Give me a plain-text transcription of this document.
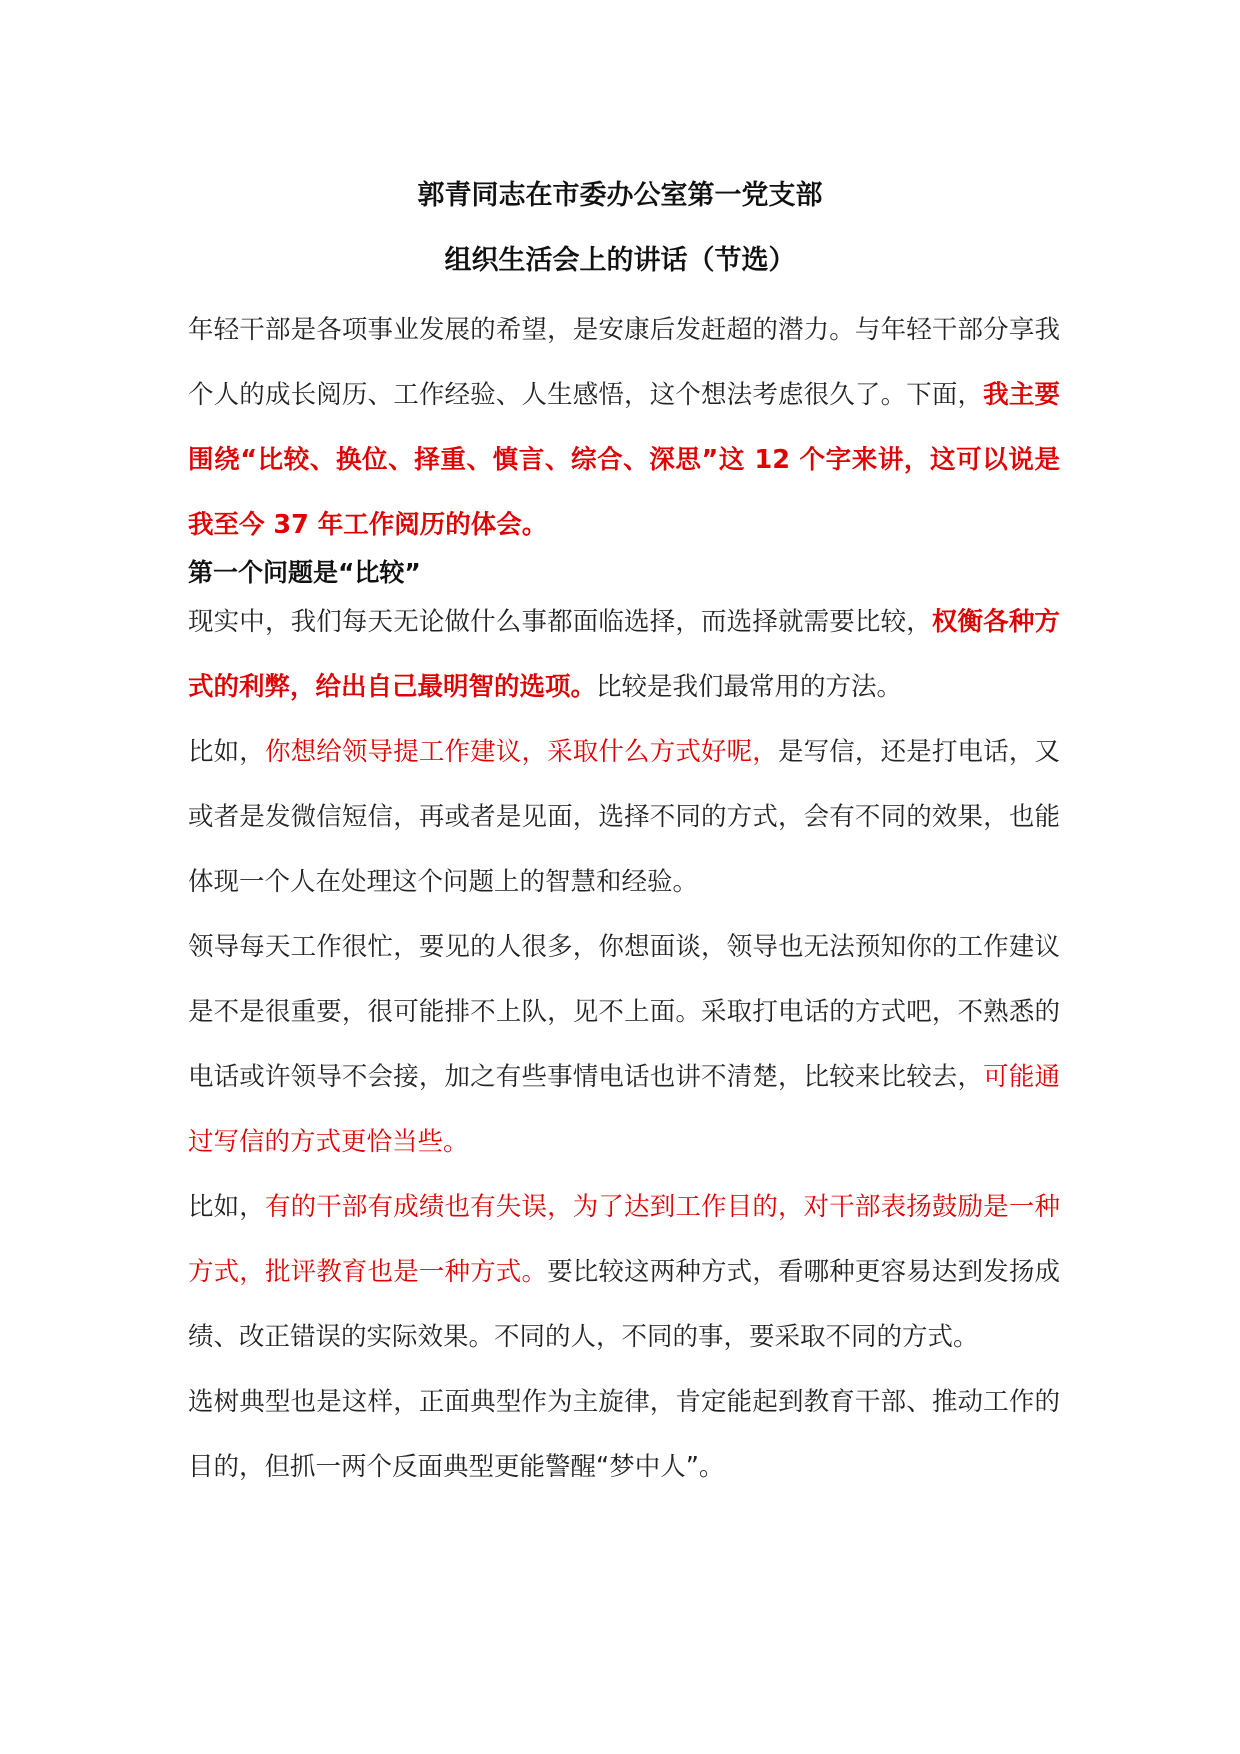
郭青同志在市委办公室第一党支部
组织生活会上的讲话（节选）

年轻干部是各项事业发展的希望，是安康后发赶超的潜力。与年轻干部分享我个人的成长阅历、工作经验、人生感悟，这个想法考虑很久了。下面，我主要围绕“比较、换位、择重、慎言、综合、深思”这 12 个字来讲，这可以说是我至今 37 年工作阅历的体会。

第一个问题是“比较”

现实中，我们每天无论做什么事都面临选择，而选择就需要比较，权衡各种方式的利弊，给出自己最明智的选项。比较是我们最常用的方法。

比如，你想给领导提工作建议，采取什么方式好呢，是写信，还是打电话，又或者是发微信短信，再或者是见面，选择不同的方式，会有不同的效果，也能体现一个人在处理这个问题上的智慧和经验。

领导每天工作很忙，要见的人很多，你想面谈，领导也无法预知你的工作建议是不是很重要，很可能排不上队，见不上面。采取打电话的方式吧，不熟悉的电话或许领导不会接，加之有些事情电话也讲不清楚，比较来比较去，可能通过写信的方式更恰当些。

比如，有的干部有成绩也有失误，为了达到工作目的，对干部表扬鼓励是一种方式，批评教育也是一种方式。要比较这两种方式，看哪种更容易达到发扬成绩、改正错误的实际效果。不同的人，不同的事，要采取不同的方式。

选树典型也是这样，正面典型作为主旋律，肯定能起到教育干部、推动工作的目的，但抓一两个反面典型更能警醒“梦中人”。
